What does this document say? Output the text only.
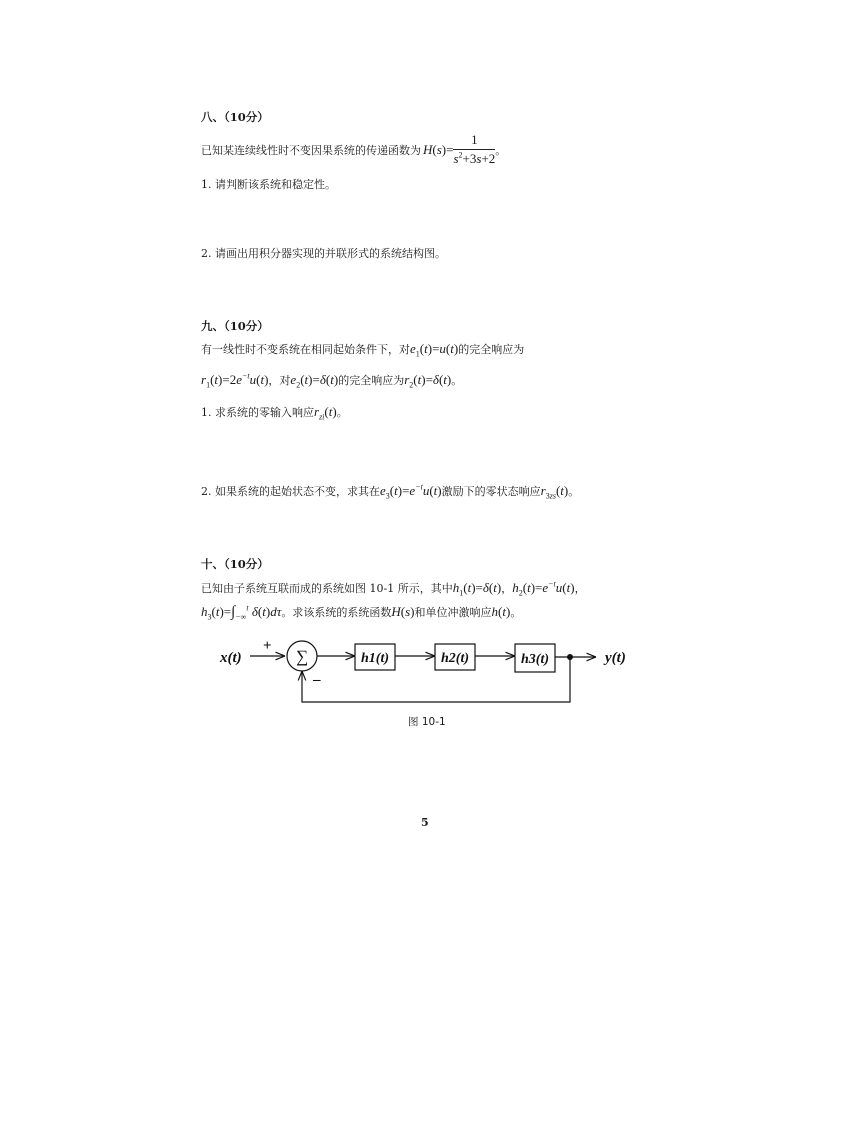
八、（10分）
已知某连续线性时不变因果系统的传递函数为 $H(s)= \frac{1}{s^2+3s+2}$ 。
1. 请判断该系统和稳定性。
2. 请画出用积分器实现的并联形式的系统结构图。
九、（10分）
有一线性时不变系统在相同起始条件下，对$e_1(t)=u(t)$的完全响应为
$r_1(t)=2e^{-t}u(t)$，对$e_2(t)=\delta(t)$的完全响应为$r_2(t)=\delta(t)$。
1. 求系统的零输入响应$r_{zi}(t)$。
2. 如果系统的起始状态不变，求其在$e_3(t)=e^{-t}u(t)$激励下的零状态响应$r_{3zs}(t)$。
十、（10分）
已知由子系统互联而成的系统如图 10-1 所示，其中$h_1(t)=\delta(t)$，$h_2(t)=e^{-t}u(t)$，
$h_3(t)=\int_{-\infty}^t$ δ(t)dτ。求该系统的系统函数H(s)和单位冲激响应h(t)。
x(t)
+
∑
–
h1(t)	h2(t)	h3(t)	y(t)
图 10-1
5
